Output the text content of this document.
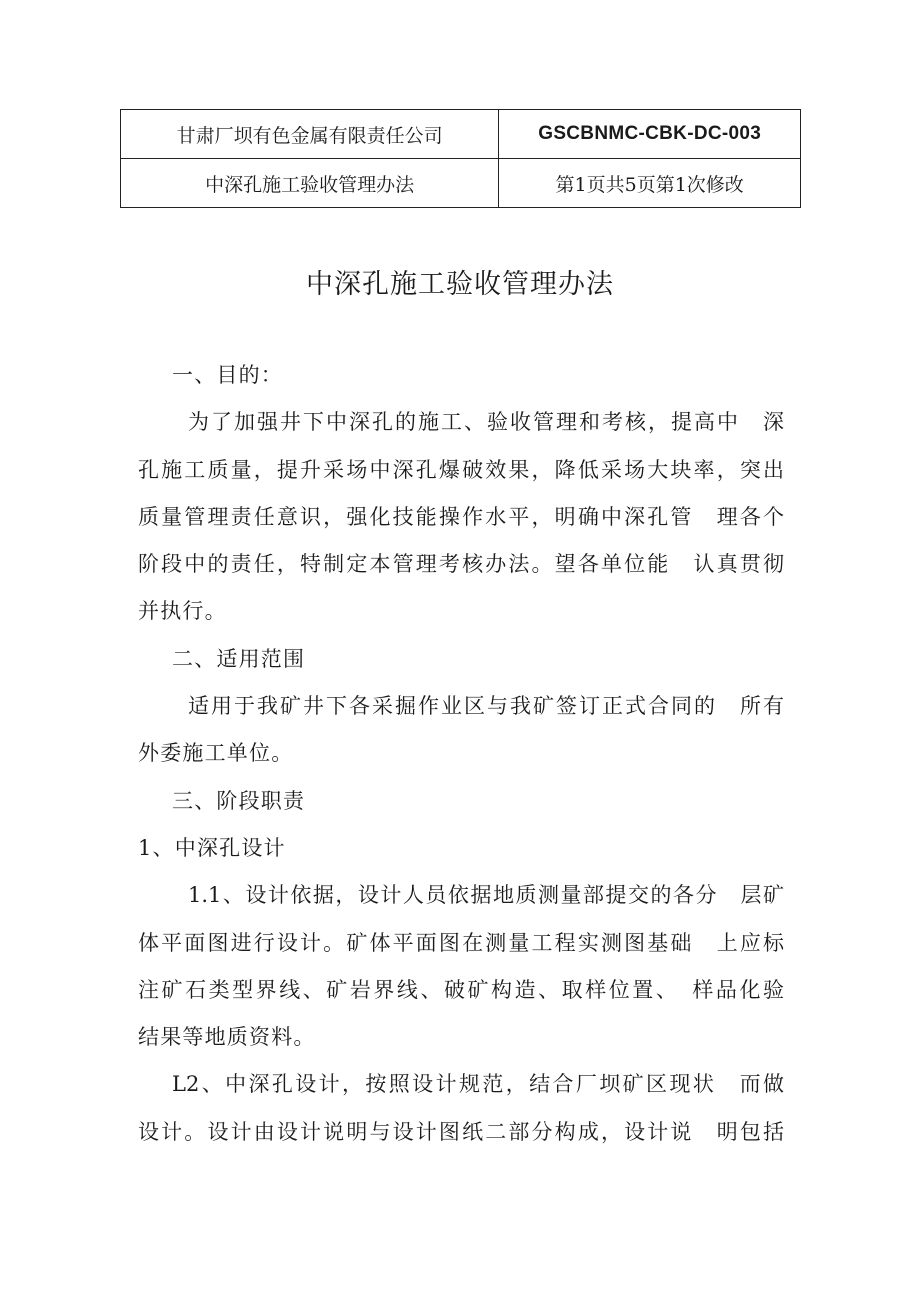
甘肃厂坝有色金属有限责任公司	GSCBNMC-CBK-DC-003
中深孔施工验收管理办法	第1页共5页第1次修改
中深孔施工验收管理办法
一、目的：
为了加强井下中深孔的施工、验收管理和考核，提高中　深
孔施工质量，提升采场中深孔爆破效果，降低采场大块率，突出
质量管理责任意识，强化技能操作水平，明确中深孔管　理各个
阶段中的责任，特制定本管理考核办法。望各单位能　认真贯彻
并执行。
二、适用范围
适用于我矿井下各采掘作业区与我矿签订正式合同的　所有
外委施工单位。
三、阶段职责
1、中深孔设计
1.1、设计依据，设计人员依据地质测量部提交的各分　层矿
体平面图进行设计。矿体平面图在测量工程实测图基础　上应标
注矿石类型界线、矿岩界线、破矿构造、取样位置、　样品化验
结果等地质资料。
L2、中深孔设计，按照设计规范，结合厂坝矿区现状　而做
设计。设计由设计说明与设计图纸二部分构成，设计说　明包括
